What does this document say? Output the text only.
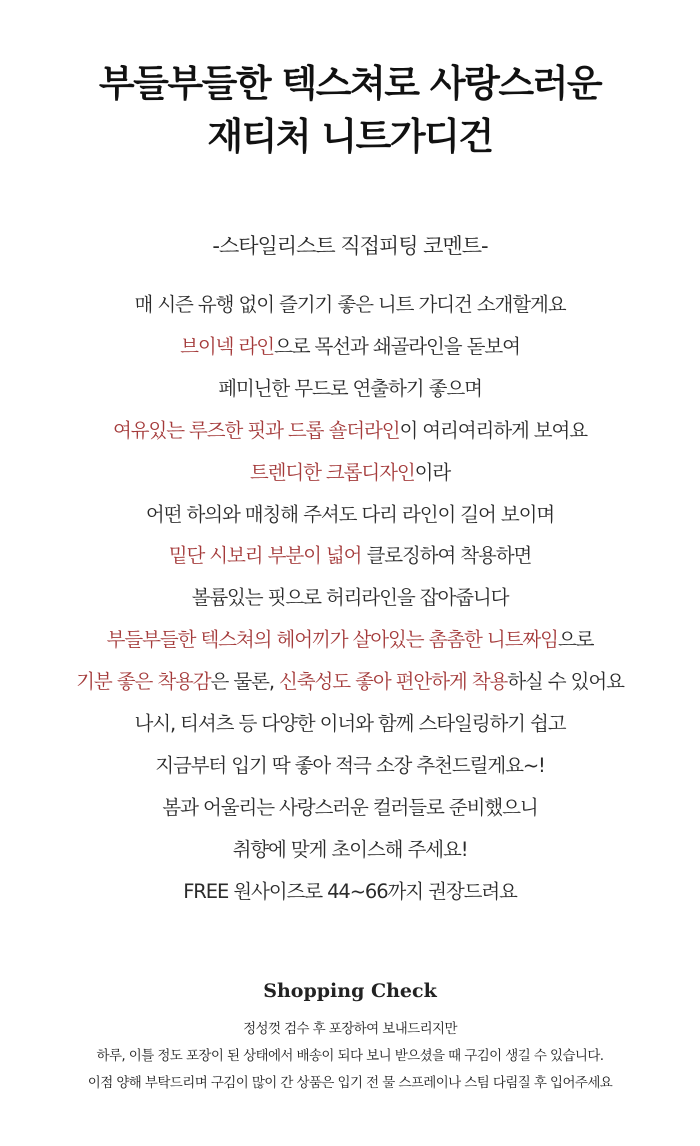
부들부들한 텍스쳐로 사랑스러운
재티처 니트가디건
-스타일리스트 직접피팅 코멘트-
매 시즌 유행 없이 즐기기 좋은 니트 가디건 소개할게요
브이넥 라인으로 목선과 쇄골라인을 돋보여
페미닌한 무드로 연출하기 좋으며
여유있는 루즈한 핏과 드롭 숄더라인이 여리여리하게 보여요
트렌디한 크롭디자인이라
어떤 하의와 매칭해 주셔도 다리 라인이 길어 보이며
밑단 시보리 부분이 넓어 클로징하여 착용하면
볼륨있는 핏으로 허리라인을 잡아줍니다
부들부들한 텍스쳐의 헤어끼가 살아있는 촘촘한 니트짜임으로
기분 좋은 착용감은 물론, 신축성도 좋아 편안하게 착용하실 수 있어요
나시, 티셔츠 등 다양한 이너와 함께 스타일링하기 쉽고
지금부터 입기 딱 좋아 적극 소장 추천드릴게요~!
봄과 어울리는 사랑스러운 컬러들로 준비했으니
취향에 맞게 초이스해 주세요!
FREE 원사이즈로 44~66까지 권장드려요
Shopping Check
정성껏 검수 후 포장하여 보내드리지만
하루, 이틀 정도 포장이 된 상태에서 배송이 되다 보니 받으셨을 때 구김이 생길 수 있습니다.
이점 양해 부탁드리며 구김이 많이 간 상품은 입기 전 물 스프레이나 스팀 다림질 후 입어주세요
